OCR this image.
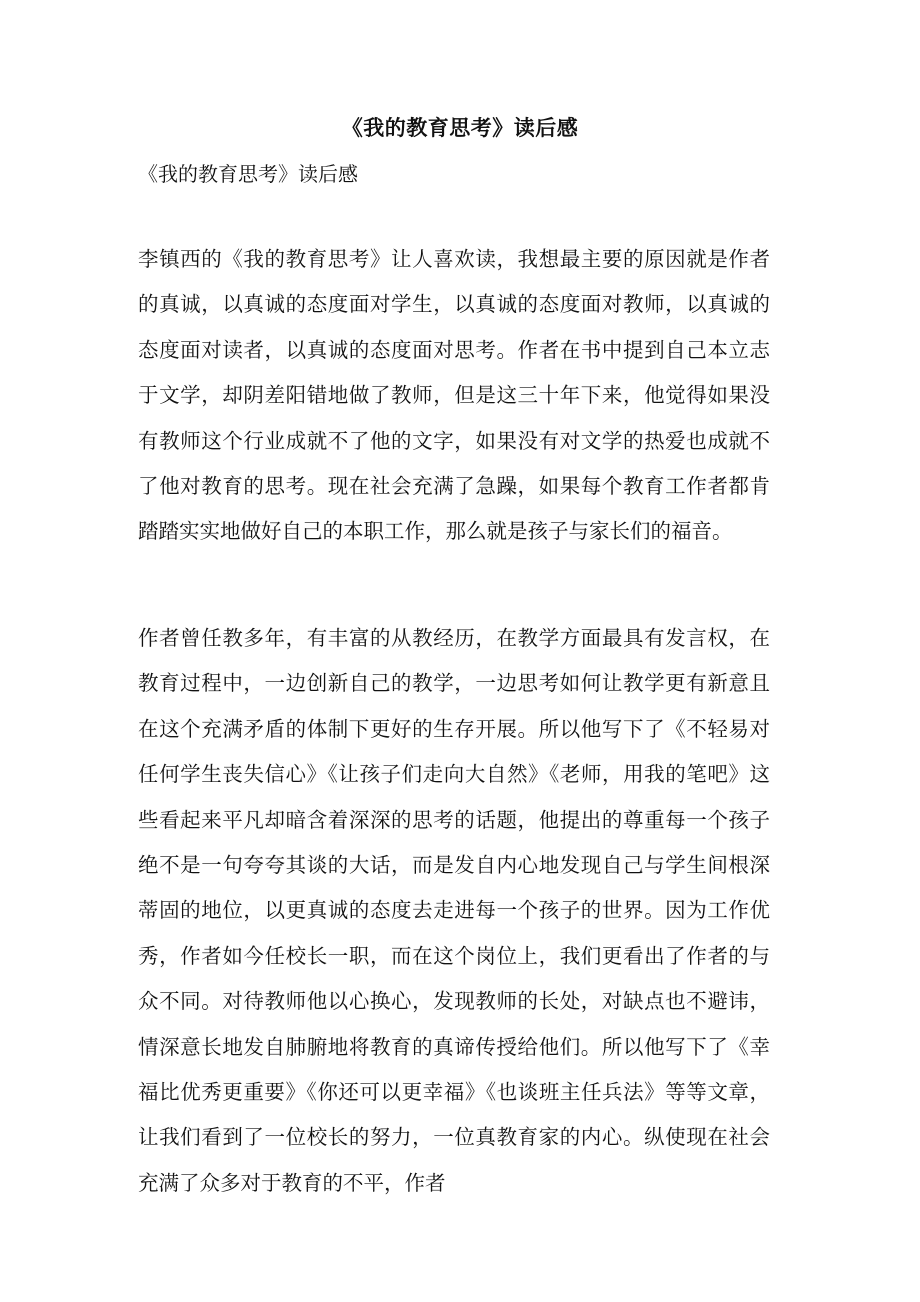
《我的教育思考》读后感
《我的教育思考》读后感
李镇西的《我的教育思考》让人喜欢读，我想最主要的原因就是作者的真诚，以真诚的态度面对学生，以真诚的态度面对教师，以真诚的态度面对读者，以真诚的态度面对思考。作者在书中提到自己本立志于文学，却阴差阳错地做了教师，但是这三十年下来，他觉得如果没有教师这个行业成就不了他的文字，如果没有对文学的热爱也成就不了他对教育的思考。现在社会充满了急躁，如果每个教育工作者都肯踏踏实实地做好自己的本职工作，那么就是孩子与家长们的福音。
作者曾任教多年，有丰富的从教经历，在教学方面最具有发言权，在教育过程中，一边创新自己的教学，一边思考如何让教学更有新意且在这个充满矛盾的体制下更好的生存开展。所以他写下了《不轻易对任何学生丧失信心》《让孩子们走向大自然》《老师，用我的笔吧》这些看起来平凡却暗含着深深的思考的话题，他提出的尊重每一个孩子绝不是一句夸夸其谈的大话，而是发自内心地发现自己与学生间根深蒂固的地位，以更真诚的态度去走进每一个孩子的世界。因为工作优秀，作者如今任校长一职，而在这个岗位上，我们更看出了作者的与众不同。对待教师他以心换心，发现教师的长处，对缺点也不避讳，情深意长地发自肺腑地将教育的真谛传授给他们。所以他写下了《幸福比优秀更重要》《你还可以更幸福》《也谈班主任兵法》等等文章，让我们看到了一位校长的努力，一位真教育家的内心。纵使现在社会充满了众多对于教育的不平，作者
